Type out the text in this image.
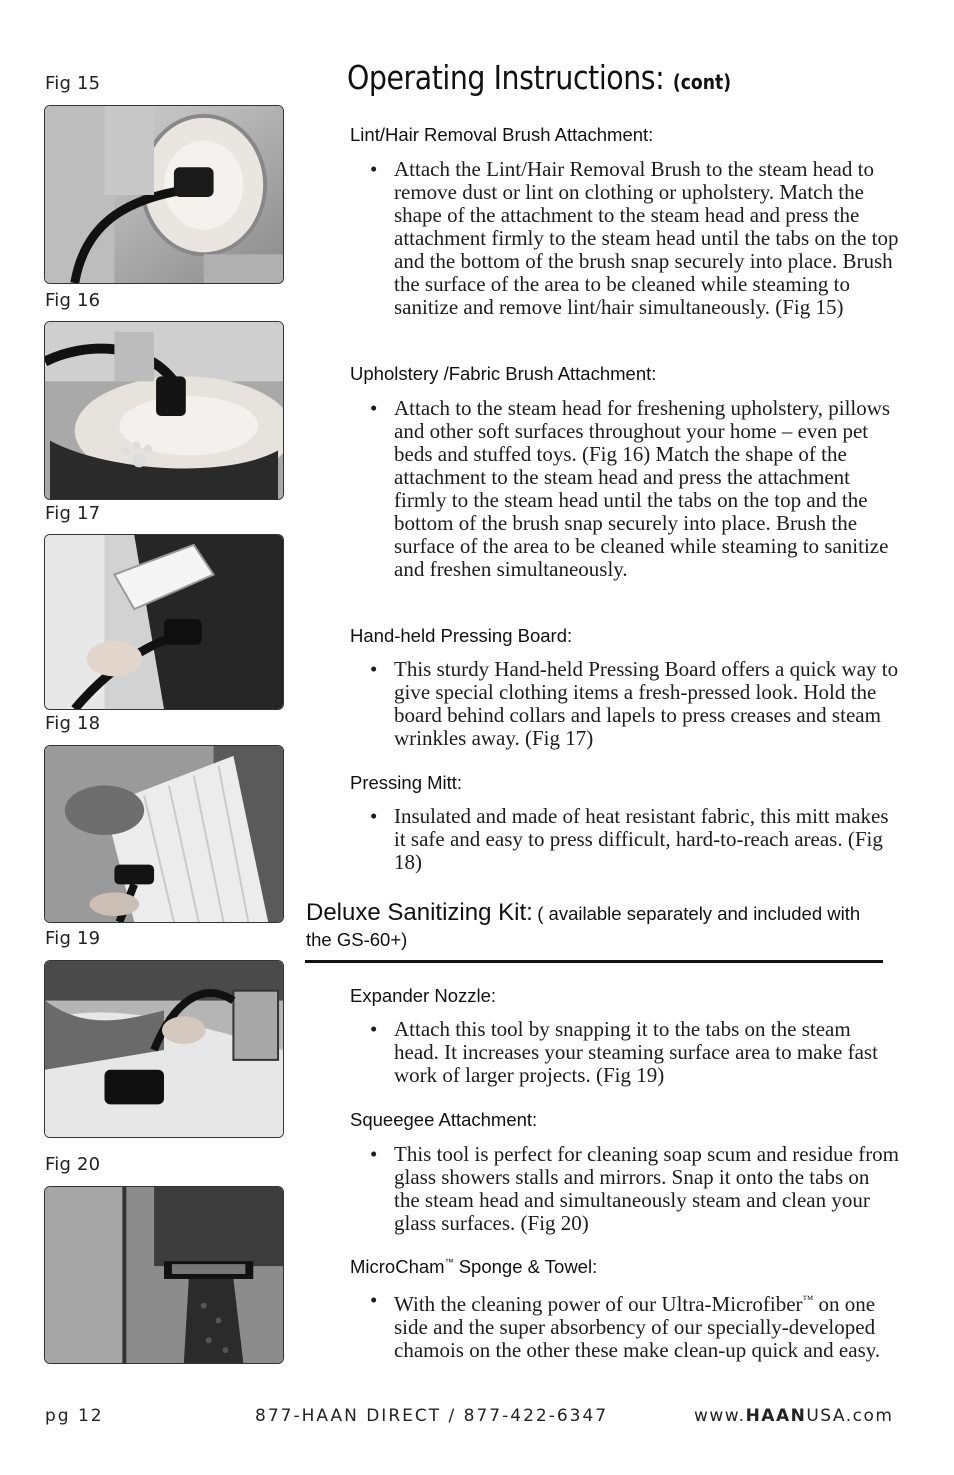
Fig 15
Fig 16
Fig 17
Fig 18
Fig 19
Fig 20
Operating Instructions: (cont)
Lint/Hair Removal Brush Attachment:
• Attach the Lint/Hair Removal Brush to the steam head to remove dust or lint on clothing or upholstery. Match the shape of the attachment to the steam head and press the attachment firmly to the steam head until the tabs on the top and the bottom of the brush snap securely into place. Brush the surface of the area to be cleaned while steaming to sanitize and remove lint/hair simultaneously. (Fig 15)
Upholstery /Fabric Brush Attachment:
• Attach to the steam head for freshening upholstery, pillows and other soft surfaces throughout your home – even pet beds and stuffed toys. (Fig 16) Match the shape of the attachment to the steam head and press the attachment firmly to the steam head until the tabs on the top and the bottom of the brush snap securely into place. Brush the surface of the area to be cleaned while steaming to sanitize and freshen simultaneously.
Hand-held Pressing Board:
• This sturdy Hand-held Pressing Board offers a quick way to give special clothing items a fresh-pressed look. Hold the board behind collars and lapels to press creases and steam wrinkles away. (Fig 17)
Pressing Mitt:
• Insulated and made of heat resistant fabric, this mitt makes it safe and easy to press difficult, hard-to-reach areas. (Fig 18)
Deluxe Sanitizing Kit: ( available separately and included with the GS-60+)
Expander Nozzle:
• Attach this tool by snapping it to the tabs on the steam head. It increases your steaming surface area to make fast work of larger projects. (Fig 19)
Squeegee Attachment:
• This tool is perfect for cleaning soap scum and residue from glass showers stalls and mirrors. Snap it onto the tabs on the steam head and simultaneously steam and clean your glass surfaces. (Fig 20)
MicroCham™ Sponge & Towel:
• With the cleaning power of our Ultra-Microfiber™ on one side and the super absorbency of our specially-developed chamois on the other these make clean-up quick and easy.
pg 12	877-HAAN DIRECT / 877-422-6347	www.HAANUSA.com
